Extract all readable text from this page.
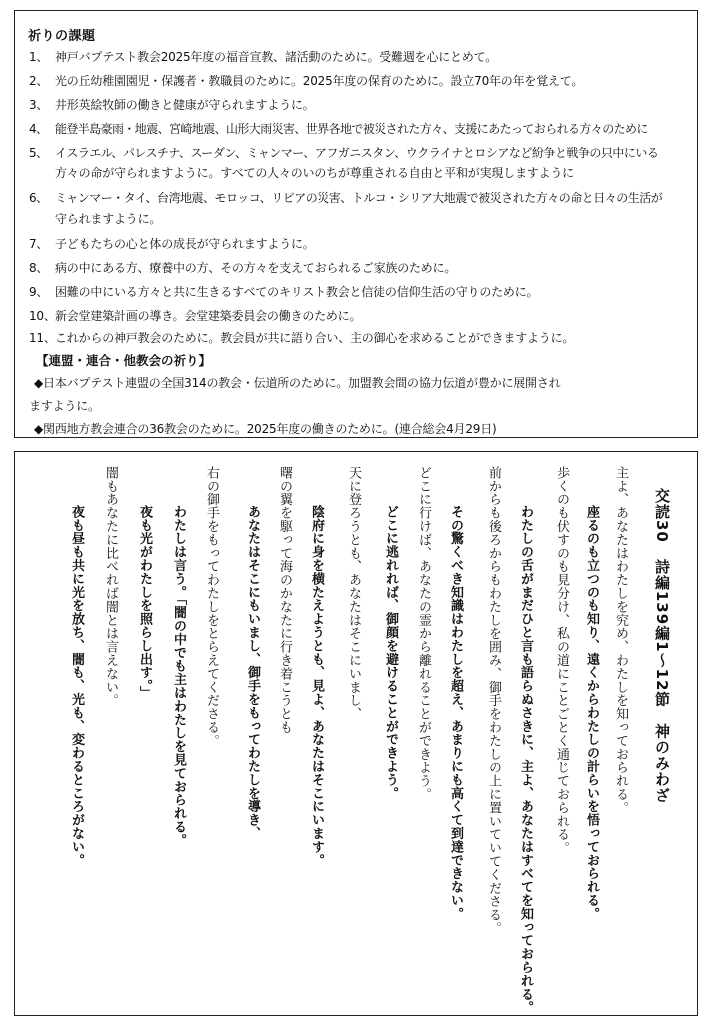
祈りの課題
1、 神戸バプテスト教会2025年度の福音宣教、諸活動のために。受難週を心にとめて。
2、 光の丘幼稚園園児・保護者・教職員のために。2025年度の保育のために。設立70年の年を覚えて。
3、 井形英絵牧師の働きと健康が守られますように。
4、 能登半島豪雨・地震、宮崎地震、山形大雨災害、世界各地で被災された方々、支援にあたっておられる方々のために
5、 イスラエル、パレスチナ、スーダン、ミャンマー、アフガニスタン、ウクライナとロシアなど紛争と戦争の只中にいる
方々の命が守られますように。すべての人々のいのちが尊重される自由と平和が実現しますように
6、 ミャンマー・タイ、台湾地震、モロッコ、リビアの災害、トルコ・シリア大地震で被災された方々の命と日々の生活が
守られますように。
7、 子どもたちの心と体の成長が守られますように。
8、 病の中にある方、療養中の方、その方々を支えておられるご家族のために。
9、 困難の中にいる方々と共に生きるすべてのキリスト教会と信徒の信仰生活の守りのために。
10、新会堂建築計画の導き。会堂建築委員会の働きのために。
11、これからの神戸教会のために。教会員が共に語り合い、主の御心を求めることができますように。
【連盟・連合・他教会の祈り】
◆日本バプテスト連盟の全国314の教会・伝道所のために。加盟教会間の協力伝道が豊かに展開され
ますように。
◆関西地方教会連合の36教会のために。2025年度の働きのために。(連合総会4月29日)
交読30　詩編139編1〜12節　神のみわざ
主よ、あなたはわたしを究め、わたしを知っておられる。
座るのも立つのも知り、遠くからわたしの計らいを悟っておられる。
歩くのも伏すのも見分け、私の道にことごとく通じておられる。
わたしの舌がまだひと言も語らぬさきに、主よ、あなたはすべてを知っておられる。
前からも後ろからもわたしを囲み、御手をわたしの上に置いていてくださる。
その驚くべき知識はわたしを超え、あまりにも高くて到達できない。
どこに行けば、あなたの霊から離れることができよう。
どこに逃れれば、御顔を避けることができよう。
天に登ろうとも、あなたはそこにいまし、
陰府に身を横たえようとも、見よ、あなたはそこにいます。
曙の翼を駆って海のかなたに行き着こうとも
あなたはそこにもいまし、御手をもってわたしを導き、
右の御手をもってわたしをとらえてくださる。
わたしは言う。「闇の中でも主はわたしを見ておられる。
夜も光がわたしを照らし出す。」
闇もあなたに比べれば闇とは言えない。
夜も昼も共に光を放ち、闇も、光も、変わるところがない。
